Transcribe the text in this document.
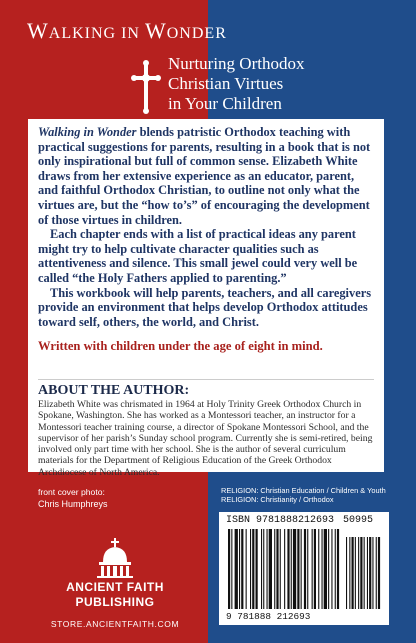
WALKING IN WONDER
Nurturing Orthodox
Christian Virtues
in Your Children

Walking in Wonder blends patristic Orthodox teaching with practical suggestions for parents, resulting in a book that is not only inspirational but full of common sense. Elizabeth White draws from her extensive experience as an educator, parent, and faithful Orthodox Christian, to outline not only what the virtues are, but the “how to’s” of encouraging the development of those virtues in children.

Each chapter ends with a list of practical ideas any parent might try to help cultivate character qualities such as attentiveness and silence. This small jewel could very well be called “the Holy Fathers applied to parenting.”

This workbook will help parents, teachers, and all caregivers provide an environment that helps develop Orthodox attitudes toward self, others, the world, and Christ.

Written with children under the age of eight in mind.

ABOUT THE AUTHOR:

Elizabeth White was chrismated in 1964 at Holy Trinity Greek Orthodox Church in Spokane, Washington. She has worked as a Montessori teacher, an instructor for a Montessori teacher training course, a director of Spokane Montessori School, and the supervisor of her parish’s Sunday school program. Currently she is semi-retired, being involved only part time with her school. She is the author of several curriculum materials for the Department of Religious Education of the Greek Orthodox Archdiocese of North America.

front cover photo:
Chris Humphreys
RELIGION: Christian Education / Children & Youth
RELIGION: Christianity / Orthodox
ANCIENT FAITH
PUBLISHING
STORE.ANCIENTFAITH.COM
ISBN 9781888212693 50995
9 781888 212693
